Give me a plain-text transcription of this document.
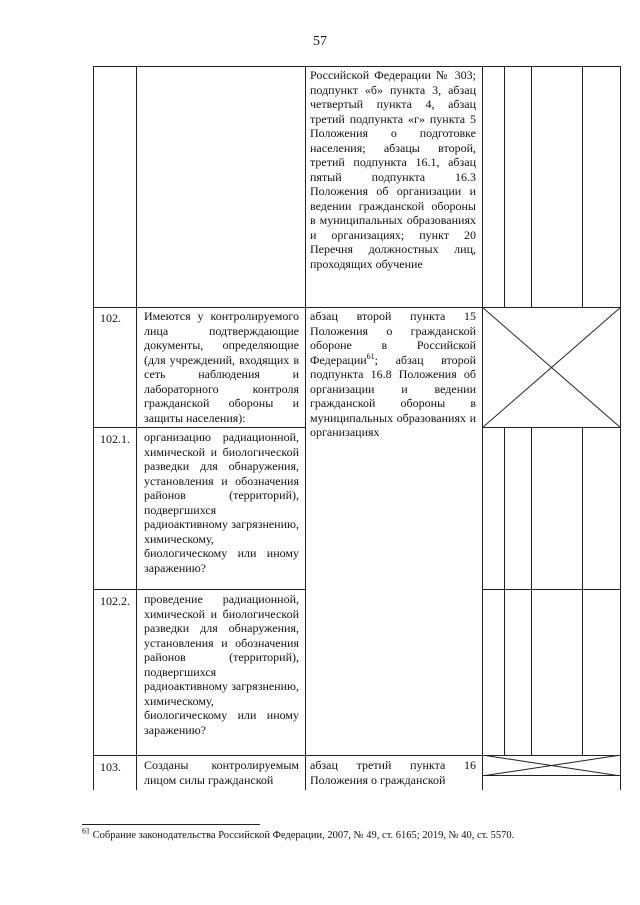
57
Российской Федерации № 303; подпункт «б» пункта 3, абзац четвертый пункта 4, абзац третий подпункта «г» пункта 5 Положения о подготовке населения; абзацы второй, третий подпункта 16.1, абзац пятый подпункта 16.3 Положения об организации и ведении гражданской обороны в муниципальных образованиях и организациях; пункт 20 Перечня должностных лиц, проходящих обучение
102. Имеются у контролируемого лица подтверждающие документы, определяющие (для учреждений, входящих в сеть наблюдения и лабораторного контроля гражданской обороны и защиты населения):
абзац второй пункта 15 Положения о гражданской обороне в Российской Федерации$^{61}$; абзац второй подпункта 16.8 Положения об организации и ведении гражданской обороны в муниципальных образованиях и организациях
102.1. организацию радиационной, химической и биологической разведки для обнаружения, установления и обозначения районов (территорий), подвергшихся радиоактивному загрязнению, химическому, биологическому или иному заражению?
102.2. проведение радиационной, химической и биологической разведки для обнаружения, установления и обозначения районов (территорий), подвергшихся радиоактивному загрязнению, химическому, биологическому или иному заражению?
103. Созданы контролируемым лицом силы гражданской
абзац третий пункта 16 Положения о гражданской
$^{61}$ Собрание законодательства Российской Федерации, 2007, № 49, ст. 6165; 2019, № 40, ст. 5570.
